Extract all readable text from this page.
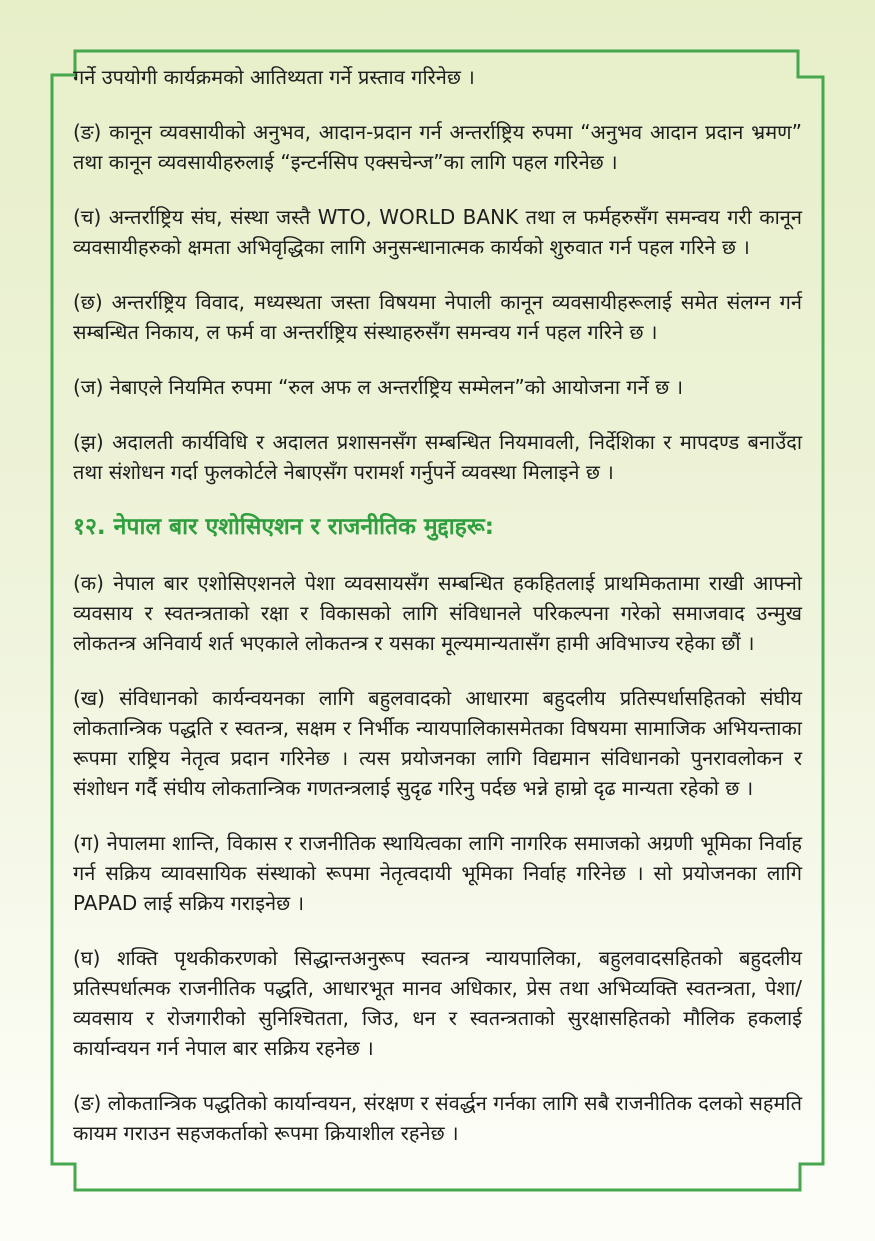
गर्ने उपयोगी कार्यक्रमको आतिथ्यता गर्ने प्रस्ताव गरिनेछ ।

(ङ) कानून व्यवसायीको अनुभव, आदान-प्रदान गर्न अन्तर्राष्ट्रिय रुपमा “अनुभव आदान प्रदान भ्रमण” तथा कानून व्यवसायीहरुलाई “इन्टर्नसिप एक्सचेन्ज”का लागि पहल गरिनेछ ।

(च) अन्तर्राष्ट्रिय संघ, संस्था जस्तै WTO, WORLD BANK तथा ल फर्महरुसँग समन्वय गरी कानून व्यवसायीहरुको क्षमता अभिवृद्धिका लागि अनुसन्धानात्मक कार्यको शुरुवात गर्न पहल गरिने छ ।

(छ) अन्तर्राष्ट्रिय विवाद, मध्यस्थता जस्ता विषयमा नेपाली कानून व्यवसायीहरूलाई समेत संलग्न गर्न सम्बन्धित निकाय, ल फर्म वा अन्तर्राष्ट्रिय संस्थाहरुसँग समन्वय गर्न पहल गरिने छ ।

(ज) नेबाएले नियमित रुपमा “रुल अफ ल अन्तर्राष्ट्रिय सम्मेलन”को आयोजना गर्ने छ ।

(झ) अदालती कार्यविधि र अदालत प्रशासनसँग सम्बन्धित नियमावली, निर्देशिका र मापदण्ड बनाउँदा तथा संशोधन गर्दा फुलकोर्टले नेबाएसँग परामर्श गर्नुपर्ने व्यवस्था मिलाइने छ ।

१२. नेपाल बार एशोसिएशन र राजनीतिक मुद्दाहरू:

(क) नेपाल बार एशोसिएशनले पेशा व्यवसायसँग सम्बन्धित हकहितलाई प्राथमिकतामा राखी आफ्नो व्यवसाय र स्वतन्त्रताको रक्षा र विकासको लागि संविधानले परिकल्पना गरेको समाजवाद उन्मुख लोकतन्त्र अनिवार्य शर्त भएकाले लोकतन्त्र र यसका मूल्यमान्यतासँग हामी अविभाज्य रहेका छौं ।

(ख) संविधानको कार्यन्वयनका लागि बहुलवादको आधारमा बहुदलीय प्रतिस्पर्धासहितको संघीय लोकतान्त्रिक पद्धति र स्वतन्त्र, सक्षम र निर्भीक न्यायपालिकासमेतका विषयमा सामाजिक अभियन्ताका रूपमा राष्ट्रिय नेतृत्व प्रदान गरिनेछ । त्यस प्रयोजनका लागि विद्यमान संविधानको पुनरावलोकन र संशोधन गर्दै संघीय लोकतान्त्रिक गणतन्त्रलाई सुदृढ गरिनु पर्दछ भन्ने हाम्रो दृढ मान्यता रहेको छ ।

(ग) नेपालमा शान्ति, विकास र राजनीतिक स्थायित्वका लागि नागरिक समाजको अग्रणी भूमिका निर्वाह गर्न सक्रिय व्यावसायिक संस्थाको रूपमा नेतृत्वदायी भूमिका निर्वाह गरिनेछ । सो प्रयोजनका लागि PAPAD लाई सक्रिय गराइनेछ ।

(घ) शक्ति पृथकीकरणको सिद्धान्तअनुरूप स्वतन्त्र न्यायपालिका, बहुलवादसहितको बहुदलीय प्रतिस्पर्धात्मक राजनीतिक पद्धति, आधारभूत मानव अधिकार, प्रेस तथा अभिव्यक्ति स्वतन्त्रता, पेशा/व्यवसाय र रोजगारीको सुनिश्चितता, जिउ, धन र स्वतन्त्रताको सुरक्षासहितको मौलिक हकलाई कार्यान्वयन गर्न नेपाल बार सक्रिय रहनेछ ।

(ङ) लोकतान्त्रिक पद्धतिको कार्यान्वयन, संरक्षण र संवर्द्धन गर्नका लागि सबै राजनीतिक दलको सहमति कायम गराउन सहजकर्ताको रूपमा क्रियाशील रहनेछ ।
